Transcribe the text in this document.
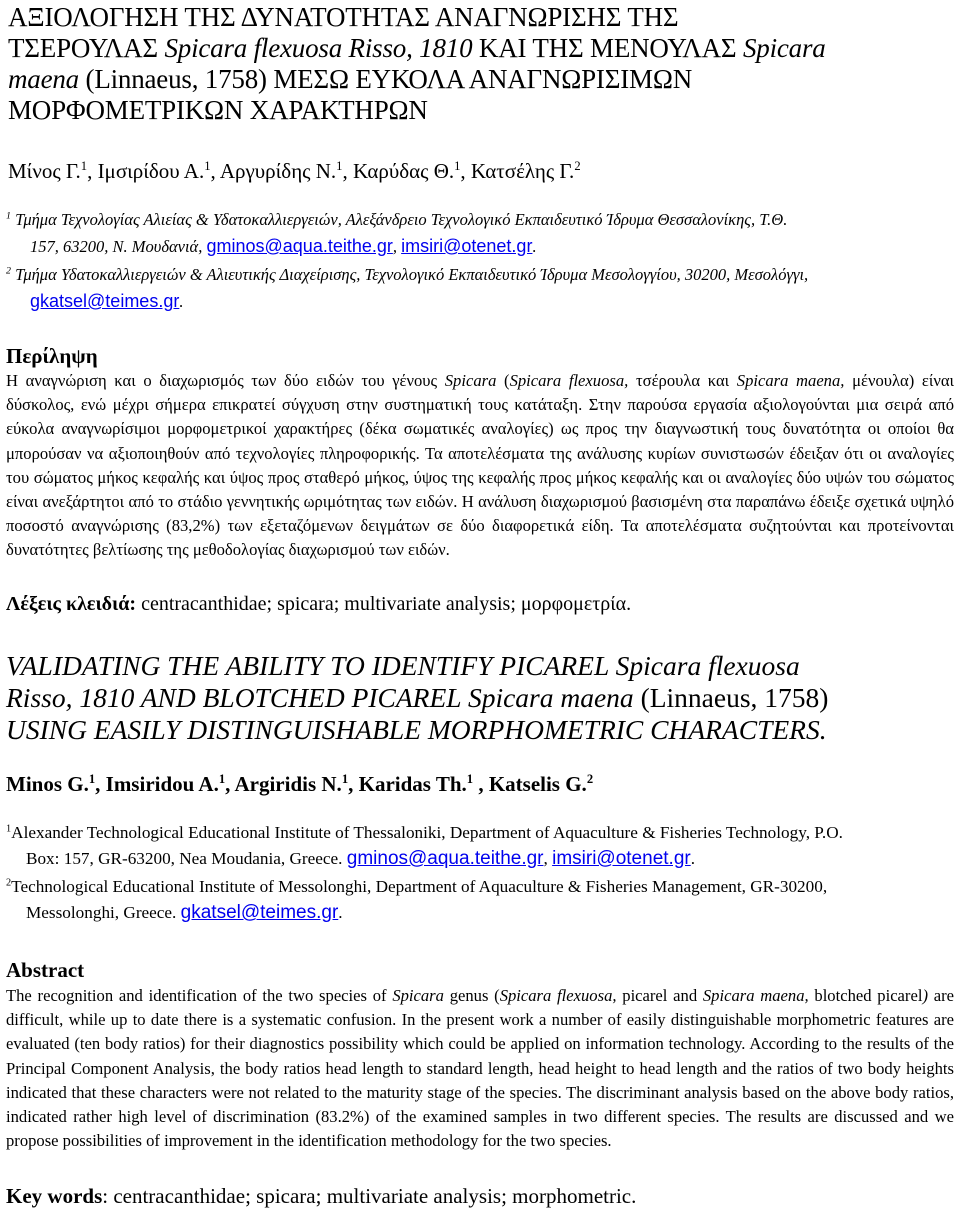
ΑΞΙΟΛΟΓΗΣΗ ΤΗΣ ΔΥΝΑΤΟΤΗΤΑΣ ΑΝΑΓΝΩΡΙΣΗΣ ΤΗΣ
ΤΣΕΡΟΥΛΑΣ Spicara flexuosa Risso, 1810 ΚΑΙ ΤΗΣ ΜΕΝΟΥΛΑΣ Spicara
maena (Linnaeus, 1758) ΜΕΣΩ ΕΥΚΟΛΑ ΑΝΑΓΝΩΡΙΣΙΜΩΝ
ΜΟΡΦΟΜΕΤΡΙΚΩΝ ΧΑΡΑΚΤΗΡΩΝ
Μίνος Γ.$^1$, Ιμσιρίδου Α.$^1$, Αργυρίδης Ν.$^1$, Καρύδας Θ.$^1$, Κατσέλης Γ.$^2$
$^1$ Τμήμα Τεχνολογίας Αλιείας & Υδατοκαλλιεργειών, Αλεξάνδρειο Τεχνολογικό Εκπαιδευτικό Ίδρυμα Θεσσαλονίκης, Τ.Θ.
157, 63200, Ν. Μουδανιά, gminos@aqua.teithe.gr, imsiri@otenet.gr.
$^2$ Τμήμα Υδατοκαλλιεργειών & Αλιευτικής Διαχείρισης, Τεχνολογικό Εκπαιδευτικό Ίδρυμα Μεσολογγίου, 30200, Μεσολόγγι,
gkatsel@teimes.gr.
Περίληψη
Η αναγνώριση και ο διαχωρισμός των δύο ειδών του γένους Spicara (Spicara flexuosa, τσέρουλα και Spicara maena, μένουλα) είναι δύσκολος, ενώ μέχρι σήμερα επικρατεί σύγχυση στην συστηματική τους κατάταξη. Στην παρούσα εργασία αξιολογούνται μια σειρά από εύκολα αναγνωρίσιμοι μορφομετρικοί χαρακτήρες (δέκα σωματικές αναλογίες) ως προς την διαγνωστική τους δυνατότητα οι οποίοι θα μπορούσαν να αξιοποιηθούν από τεχνολογίες πληροφορικής. Τα αποτελέσματα της ανάλυσης κυρίων συνιστωσών έδειξαν ότι οι αναλογίες του σώματος μήκος κεφαλής και ύψος προς σταθερό μήκος, ύψος της κεφαλής προς μήκος κεφαλής και οι αναλογίες δύο υψών του σώματος είναι ανεξάρτητοι από το στάδιο γεννητικής ωριμότητας των ειδών. Η ανάλυση διαχωρισμού βασισμένη στα παραπάνω έδειξε σχετικά υψηλό ποσοστό αναγνώρισης (83,2%) των εξεταζόμενων δειγμάτων σε δύο διαφορετικά είδη. Τα αποτελέσματα συζητούνται και προτείνονται δυνατότητες βελτίωσης της μεθοδολογίας διαχωρισμού των ειδών.
Λέξεις κλειδιά: centracanthidae; spicara; multivariate analysis; μορφομετρία.
VALIDATING THE ABILITY TO IDENTIFY PICAREL Spicara flexuosa
Risso, 1810 AND BLOTCHED PICAREL Spicara maena (Linnaeus, 1758)
USING EASILY DISTINGUISHABLE MORPHOMETRIC CHARACTERS.
Minos G.$^1$, Imsiridou A.$^1$, Argiridis N.$^1$, Karidas Th.$^1$ , Katselis G.$^2$
$^1$Alexander Technological Educational Institute of Thessaloniki, Department of Aquaculture & Fisheries Technology, P.O.
Box: 157, GR-63200, Nea Moudania, Greece. gminos@aqua.teithe.gr, imsiri@otenet.gr.
$^2$Technological Educational Institute of Messolonghi, Department of Aquaculture & Fisheries Management, GR-30200,
Messolonghi, Greece. gkatsel@teimes.gr.
Abstract
The recognition and identification of the two species of Spicara genus (Spicara flexuosa, picarel and Spicara maena, blotched picarel) are difficult, while up to date there is a systematic confusion. In the present work a number of easily distinguishable morphometric features are evaluated (ten body ratios) for their diagnostics possibility which could be applied on information technology. According to the results of the Principal Component Analysis, the body ratios head length to standard length, head height to head length and the ratios of two body heights indicated that these characters were not related to the maturity stage of the species. The discriminant analysis based on the above body ratios, indicated rather high level of discrimination (83.2%) of the examined samples in two different species. The results are discussed and we propose possibilities of improvement in the identification methodology for the two species.
Key words: centracanthidae; spicara; multivariate analysis; morphometric.
